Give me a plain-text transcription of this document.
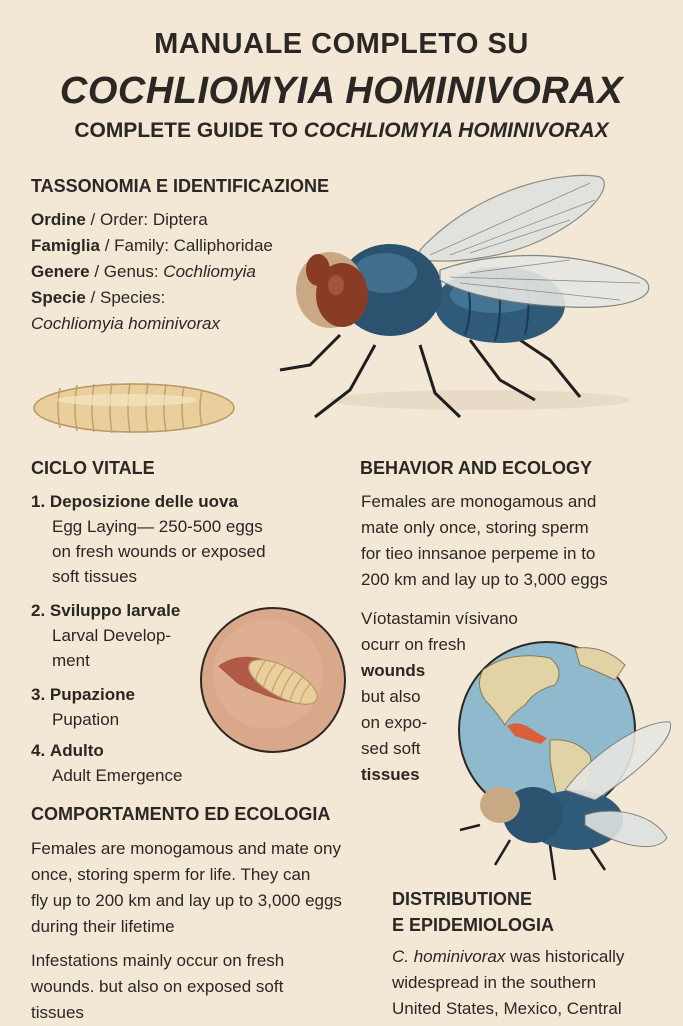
MANUALE COMPLETO SU
COCHLIOMYIA HOMINIVORAX
COMPLETE GUIDE TO COCHLIOMYIA HOMINIVORAX
TASSONOMIA E IDENTIFICAZIONE
Ordine / Order: Diptera
Famiglia / Family: Calliphoridae
Genere / Genus: Cochliomyia
Specie / Species:
Cochliomyia hominivorax
CICLO VITALE
1. Deposizione delle uova
Egg Laying— 250-500 eggs
on fresh wounds or exposed
soft tissues
2. Sviluppo larvale
Larval Develop-
ment
3. Pupazione
Pupation
4. Adulto
Adult Emergence
BEHAVIOR AND ECOLOGY
Females are monogamous and
mate only once, storing sperm
for tieo innsanoe perpeme in to
200 km and lay up to 3,000 eggs
Víotastamin vísivano
ocurr on fresh
wounds
but also
on expo-
sed soft
tissues
COMPORTAMENTO ED ECOLOGIA
Females are monogamous and mate ony
once, storing sperm for life. They can
fly up to 200 km and lay up to 3,000 eggs
during their lifetime
Infestations mainly occur on fresh
wounds. but also on exposed soft
tissues
DISTRIBUTIONE
E EPIDEMIOLOGIA
C. hominivorax was historically
widespread in the southern
United States, Mexico, Central
